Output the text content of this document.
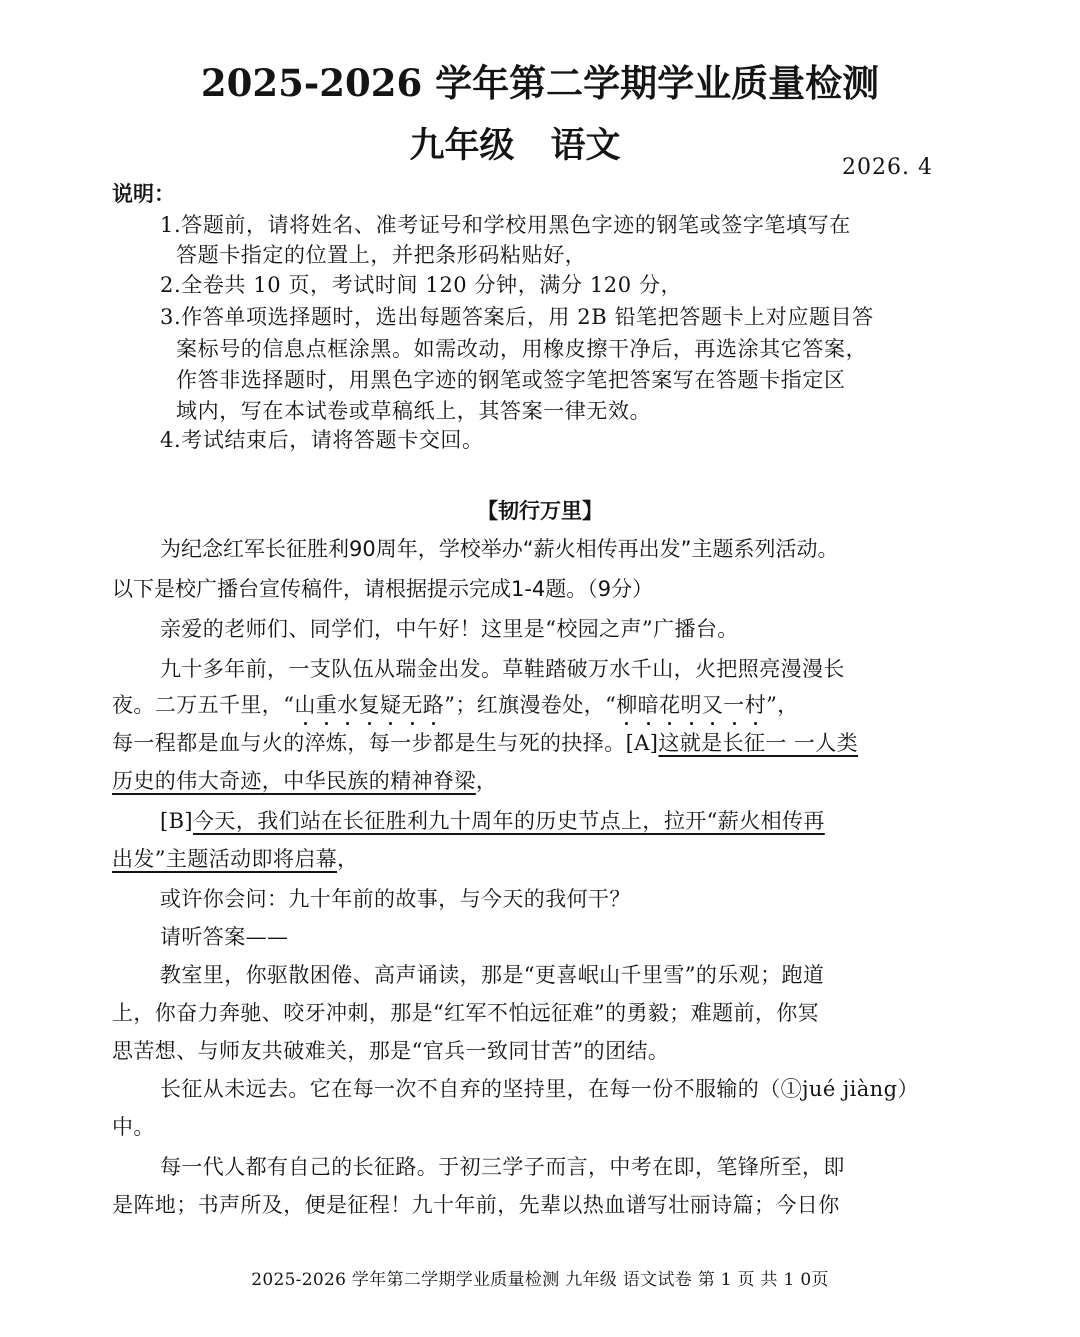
2025-2026 学年第二学期学业质量检测
九年级 语文
2026. 4
说明：
1.答题前，请将姓名、准考证号和学校用黑色字迹的钢笔或签字笔填写在
答题卡指定的位置上，并把条形码粘贴好，
2.全卷共 10 页，考试时间 120 分钟，满分 120 分，
3.作答单项选择题时，选出每题答案后，用 2B 铅笔把答题卡上对应题目答
案标号的信息点框涂黑。如需改动，用橡皮擦干净后，再选涂其它答案，
作答非选择题时，用黑色字迹的钢笔或签字笔把答案写在答题卡指定区
域内，写在本试卷或草稿纸上，其答案一律无效。
4.考试结束后，请将答题卡交回。
【韧行万里】
为纪念红军长征胜利90周年，学校举办“薪火相传再出发”主题系列活动。
以下是校广播台宣传稿件，请根据提示完成1-4题。（9分）
亲爱的老师们、同学们，中午好！这里是“校园之声”广播台。
九十多年前，一支队伍从瑞金出发。草鞋踏破万水千山，火把照亮漫漫长
夜。二万五千里，“山重水复疑无路”；红旗漫卷处，“柳暗花明又一村”，
每一程都是血与火的淬炼，每一步都是生与死的抉择。[A]这就是长征一 一人类
历史的伟大奇迹，中华民族的精神脊梁，
[B]今天，我们站在长征胜利九十周年的历史节点上，拉开“薪火相传再
出发”主题活动即将启幕，
或许你会问：九十年前的故事，与今天的我何干？
请听答案——
教室里，你驱散困倦、高声诵读，那是“更喜岷山千里雪”的乐观；跑道
上，你奋力奔驰、咬牙冲刺，那是“红军不怕远征难”的勇毅；难题前，你冥
思苦想、与师友共破难关，那是“官兵一致同甘苦”的团结。
长征从未远去。它在每一次不自弃的坚持里，在每一份不服输的（①jué jiàng）
中。
每一代人都有自己的长征路。于初三学子而言，中考在即，笔锋所至，即
是阵地；书声所及，便是征程！九十年前，先辈以热血谱写壮丽诗篇；今日你
2025-2026 学年第二学期学业质量检测 九年级 语文试卷 第 1 页 共 1 0页
